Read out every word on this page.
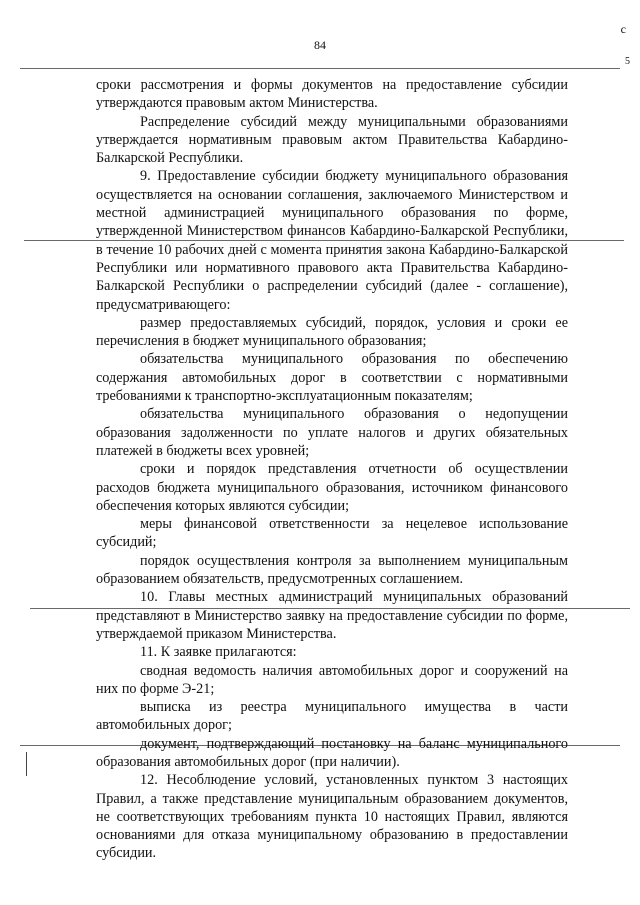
с
5
84

сроки рассмотрения и формы документов на предоставление субсидии утверждаются правовым актом Министерства.

Распределение субсидий между муниципальными образованиями утверждается нормативным правовым актом Правительства Кабардино-Балкарской Республики.

9. Предоставление субсидии бюджету муниципального образования осуществляется на основании соглашения, заключаемого Министерством и местной администрацией муниципального образования по форме, утвержденной Министерством финансов Кабардино-Балкарской Республики, в течение 10 рабочих дней с момента принятия закона Кабардино-Балкарской Республики или нормативного правового акта Правительства Кабардино-Балкарской Республики о распределении субсидий (далее - соглашение), предусматривающего:

размер предоставляемых субсидий, порядок, условия и сроки ее перечисления в бюджет муниципального образования;

обязательства муниципального образования по обеспечению содержания автомобильных дорог в соответствии с нормативными требованиями к транспортно-эксплуатационным показателям;

обязательства муниципального образования о недопущении образования задолженности по уплате налогов и других обязательных платежей в бюджеты всех уровней;

сроки и порядок представления отчетности об осуществлении расходов бюджета муниципального образования, источником финансового обеспечения которых являются субсидии;

меры финансовой ответственности за нецелевое использование субсидий;

порядок осуществления контроля за выполнением муниципальным образованием обязательств, предусмотренных соглашением.

10. Главы местных администраций муниципальных образований представляют в Министерство заявку на предоставление субсидии по форме, утверждаемой приказом Министерства.

11. К заявке прилагаются:

сводная ведомость наличия автомобильных дорог и сооружений на них по форме Э-21;

выписка из реестра муниципального имущества в части автомобильных дорог;

документ, подтверждающий постановку на баланс муниципального образования автомобильных дорог (при наличии).

12. Несоблюдение условий, установленных пунктом 3 настоящих Правил, а также представление муниципальным образованием документов, не соответствующих требованиям пункта 10 настоящих Правил, являются основаниями для отказа муниципальному образованию в предоставлении субсидии.
